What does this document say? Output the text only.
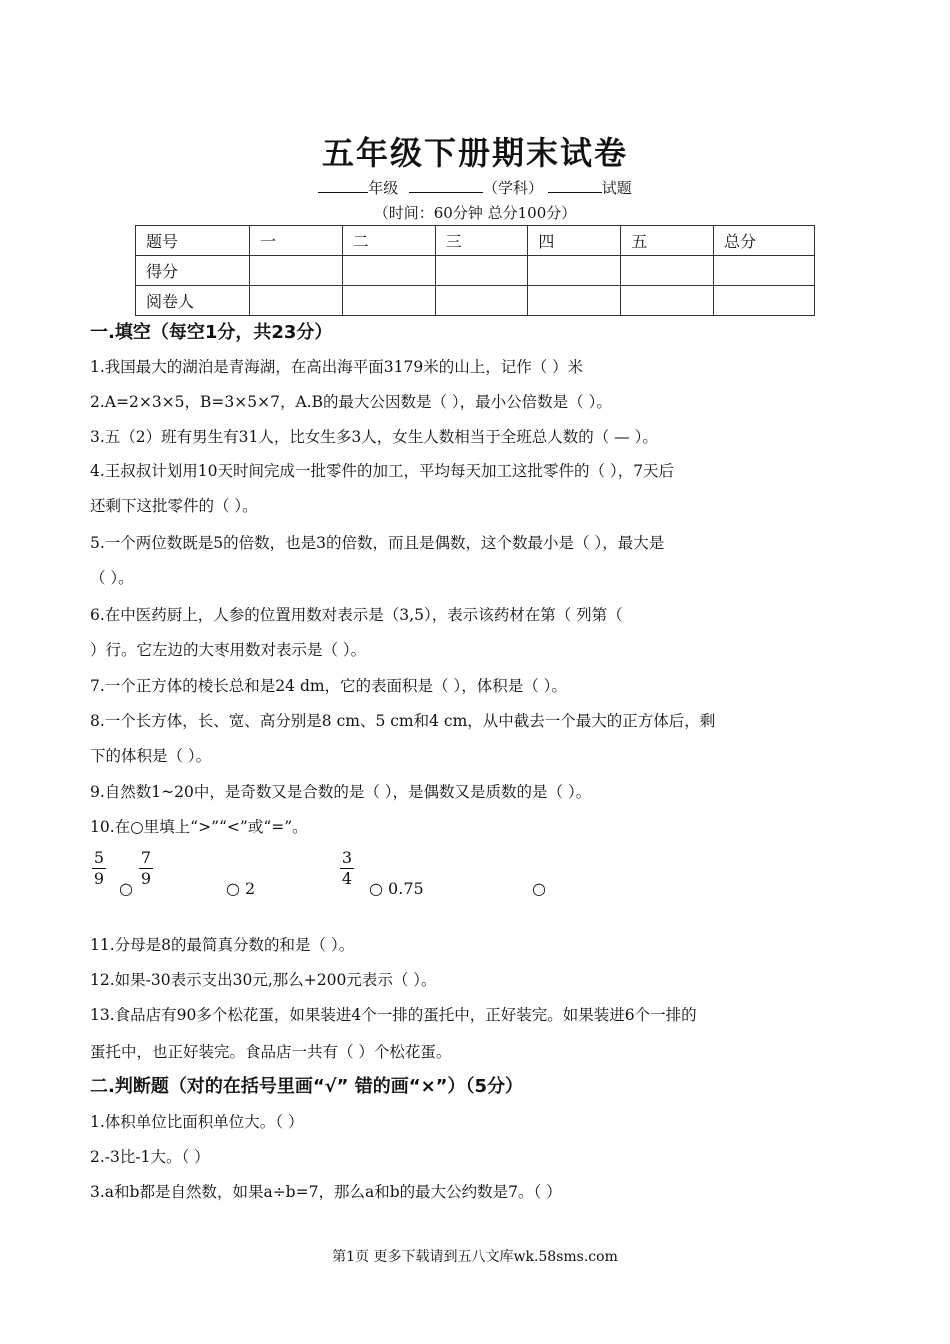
五年级下册期末试卷
年级	（学科）	试题
（时间：60分钟 总分100分）
题号	一	二	三	四	五	总分
得分						
阅卷人						
一.填空（每空1分，共23分）
1.我国最大的湖泊是青海湖，在高出海平面3179米的山上，记作（ ）米
2.A=2×3×5，B=3×5×7，A.B的最大公因数是（ ），最小公倍数是（ ）。
3.五（2）班有男生有31人，比女生多3人，女生人数相当于全班总人数的（ — ）。
4.王叔叔计划用10天时间完成一批零件的加工，平均每天加工这批零件的（ ），7天后
还剩下这批零件的（ ）。
5.一个两位数既是5的倍数，也是3的倍数，而且是偶数，这个数最小是（ ），最大是
（ ）。
6.在中医药厨上，人参的位置用数对表示是（3,5），表示该药材在第（ 列第（
）行。它左边的大枣用数对表示是（ ）。
7.一个正方体的棱长总和是24 dm，它的表面积是（ ），体积是（ ）。
8.一个长方体，长、宽、高分别是8 cm、5 cm和4 cm，从中截去一个最大的正方体后，剩
下的体积是（ ）。
9.自然数1~20中，是奇数又是合数的是（ ），是偶数又是质数的是（ ）。
10.在○里填上“>”“<”或“=”。
$\frac{5}{9}$ ○ $\frac{7}{9}$	○ 2	$\frac{3}{4}$ ○ 0.75	○
11.分母是8的最简真分数的和是（ ）。
12.如果-30表示支出30元,那么+200元表示（ ）。
13.食品店有90多个松花蛋，如果装进4个一排的蛋托中，正好装完。如果装进6个一排的
蛋托中，也正好装完。食品店一共有（ ）个松花蛋。
二.判断题（对的在括号里画“√” 错的画“×”）（5分）
1.体积单位比面积单位大。（ ）
2.-3比-1大。（ ）
3.a和b都是自然数，如果a÷b=7，那么a和b的最大公约数是7。（ ）
第1页 更多下载请到五八文库wk.58sms.com
